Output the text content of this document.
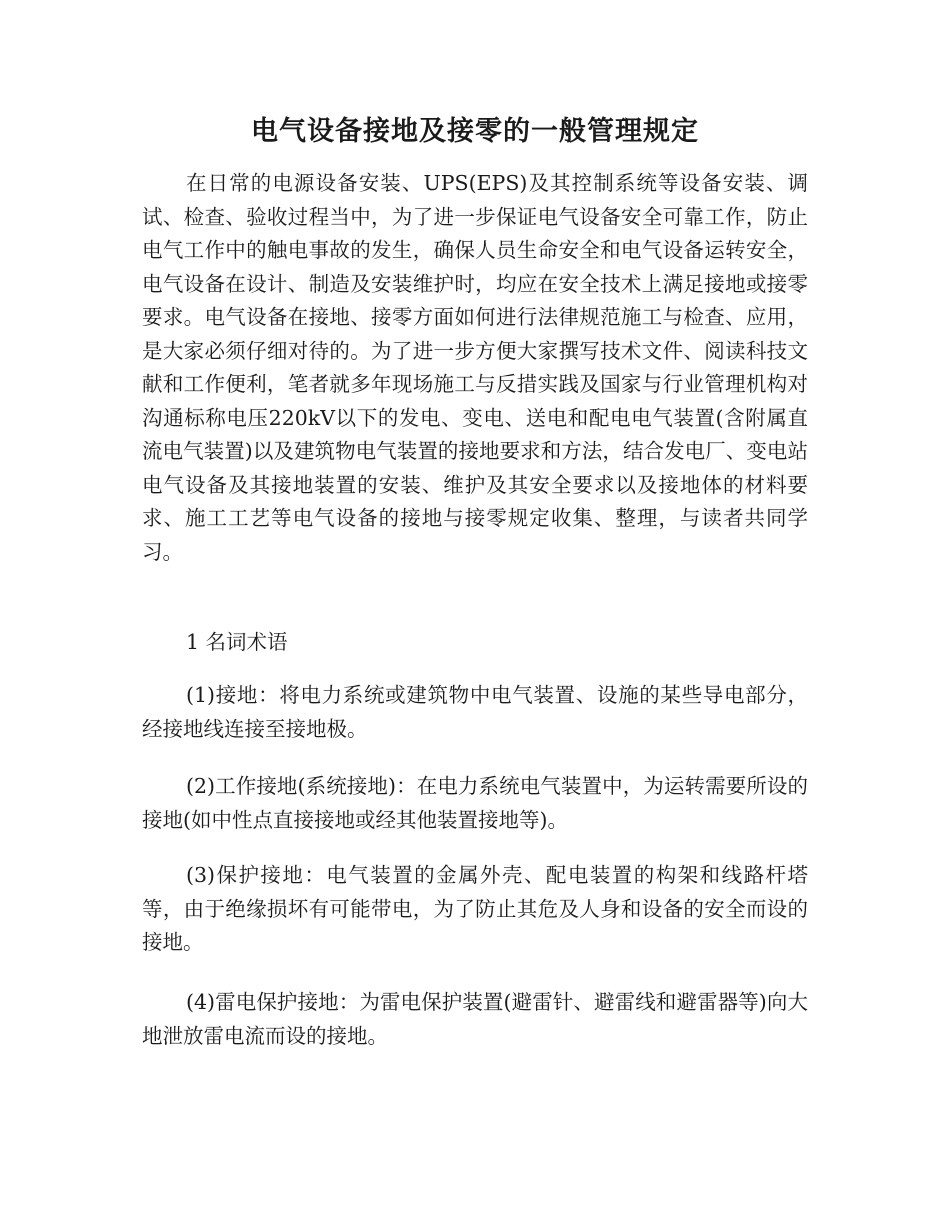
电气设备接地及接零的一般管理规定

在日常的电源设备安装、UPS(EPS)及其控制系统等设备安装、调试、检查、验收过程当中，为了进一步保证电气设备安全可靠工作，防止电气工作中的触电事故的发生，确保人员生命安全和电气设备运转安全，电气设备在设计、制造及安装维护时，均应在安全技术上满足接地或接零要求。电气设备在接地、接零方面如何进行法律规范施工与检查、应用，是大家必须仔细对待的。为了进一步方便大家撰写技术文件、阅读科技文献和工作便利，笔者就多年现场施工与反措实践及国家与行业管理机构对沟通标称电压220kV以下的发电、变电、送电和配电电气装置(含附属直流电气装置)以及建筑物电气装置的接地要求和方法，结合发电厂、变电站电气设备及其接地装置的安装、维护及其安全要求以及接地体的材料要求、施工工艺等电气设备的接地与接零规定收集、整理，与读者共同学习。

1 名词术语

(1)接地：将电力系统或建筑物中电气装置、设施的某些导电部分，经接地线连接至接地极。

(2)工作接地(系统接地)：在电力系统电气装置中，为运转需要所设的接地(如中性点直接接地或经其他装置接地等)。

(3)保护接地：电气装置的金属外壳、配电装置的构架和线路杆塔等，由于绝缘损坏有可能带电，为了防止其危及人身和设备的安全而设的接地。

(4)雷电保护接地：为雷电保护装置(避雷针、避雷线和避雷器等)向大地泄放雷电流而设的接地。
